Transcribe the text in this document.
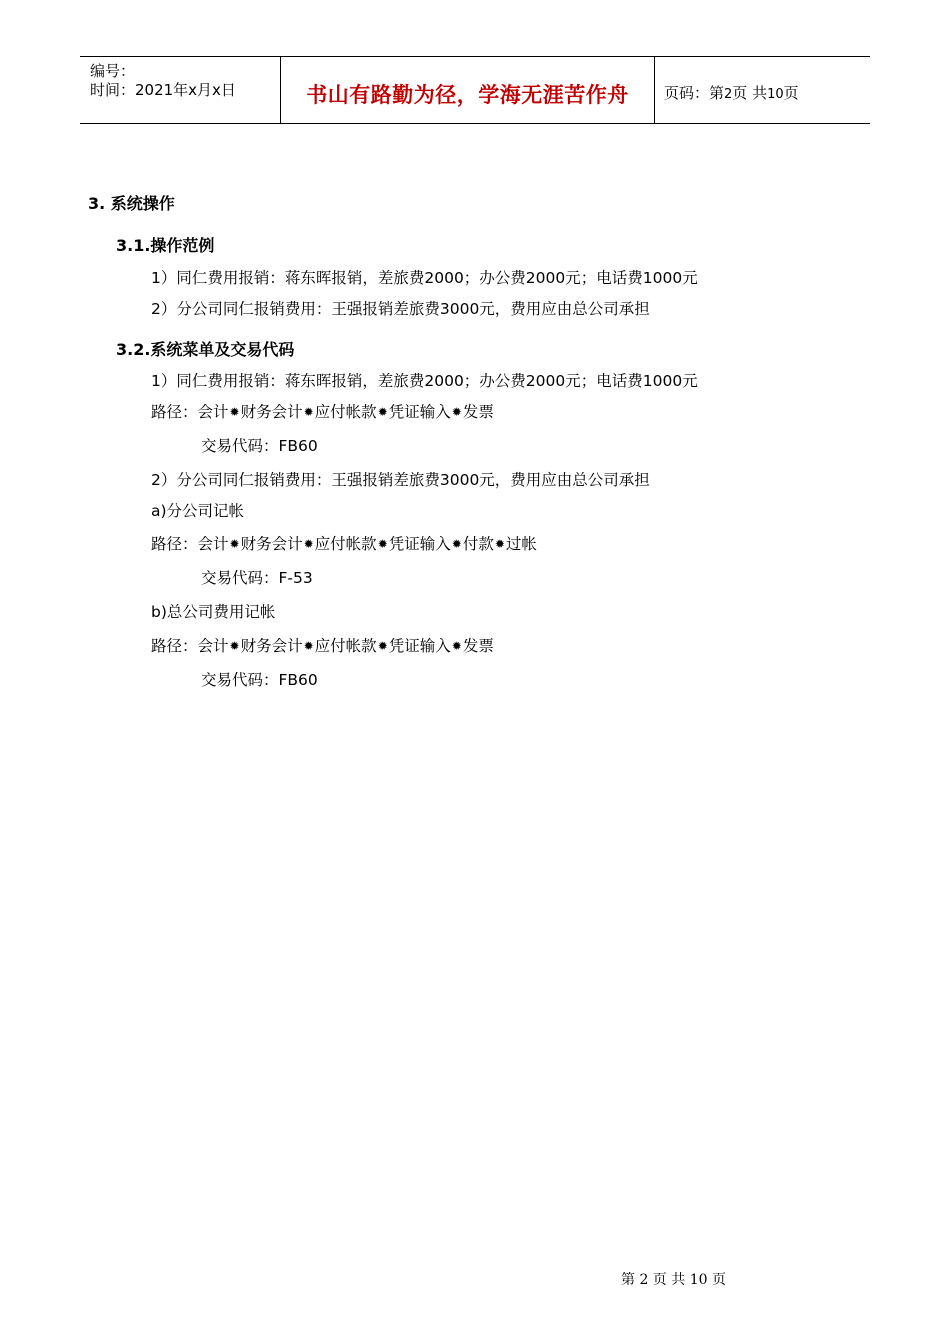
编号：
时间：2021年x月x日	书山有路勤为径，学海无涯苦作舟	页码：第2页 共10页
3. 系统操作
3.1.操作范例
1）同仁费用报销：蒋东晖报销，差旅费2000；办公费2000元；电话费1000元
2）分公司同仁报销费用：王强报销差旅费3000元，费用应由总公司承担
3.2.系统菜单及交易代码
1）同仁费用报销：蒋东晖报销，差旅费2000；办公费2000元；电话费1000元
路径：会计✹财务会计✹应付帐款✹凭证输入✹发票
交易代码：FB60
2）分公司同仁报销费用：王强报销差旅费3000元，费用应由总公司承担
a)分公司记帐
路径：会计✹财务会计✹应付帐款✹凭证输入✹付款✹过帐
交易代码：F-53
b)总公司费用记帐
路径：会计✹财务会计✹应付帐款✹凭证输入✹发票
交易代码：FB60
第 2 页 共 10 页
